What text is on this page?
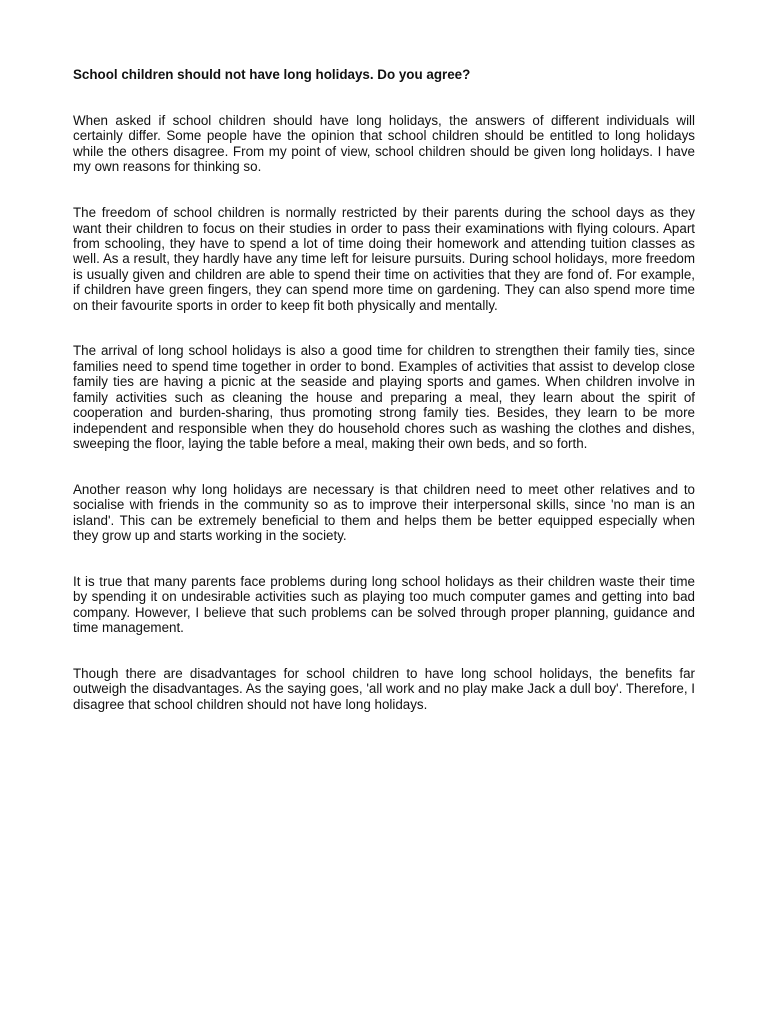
School children should not have long holidays. Do you agree?

When asked if school children should have long holidays, the answers of different individuals will certainly differ. Some people have the opinion that school children should be entitled to long holidays while the others disagree. From my point of view, school children should be given long holidays. I have my own reasons for thinking so.

The freedom of school children is normally restricted by their parents during the school days as they want their children to focus on their studies in order to pass their examinations with flying colours. Apart from schooling, they have to spend a lot of time doing their homework and attending tuition classes as well. As a result, they hardly have any time left for leisure pursuits. During school holidays, more freedom is usually given and children are able to spend their time on activities that they are fond of. For example, if children have green fingers, they can spend more time on gardening. They can also spend more time on their favourite sports in order to keep fit both physically and mentally.

The arrival of long school holidays is also a good time for children to strengthen their family ties, since families need to spend time together in order to bond. Examples of activities that assist to develop close family ties are having a picnic at the seaside and playing sports and games. When children involve in family activities such as cleaning the house and preparing a meal, they learn about the spirit of cooperation and burden-sharing, thus promoting strong family ties. Besides, they learn to be more independent and responsible when they do household chores such as washing the clothes and dishes, sweeping the floor, laying the table before a meal, making their own beds, and so forth.

Another reason why long holidays are necessary is that children need to meet other relatives and to socialise with friends in the community so as to improve their interpersonal skills, since 'no man is an island'. This can be extremely beneficial to them and helps them be better equipped especially when they grow up and starts working in the society.

It is true that many parents face problems during long school holidays as their children waste their time by spending it on undesirable activities such as playing too much computer games and getting into bad company. However, I believe that such problems can be solved through proper planning, guidance and time management.

Though there are disadvantages for school children to have long school holidays, the benefits far outweigh the disadvantages. As the saying goes, 'all work and no play make Jack a dull boy'. Therefore, I disagree that school children should not have long holidays.
